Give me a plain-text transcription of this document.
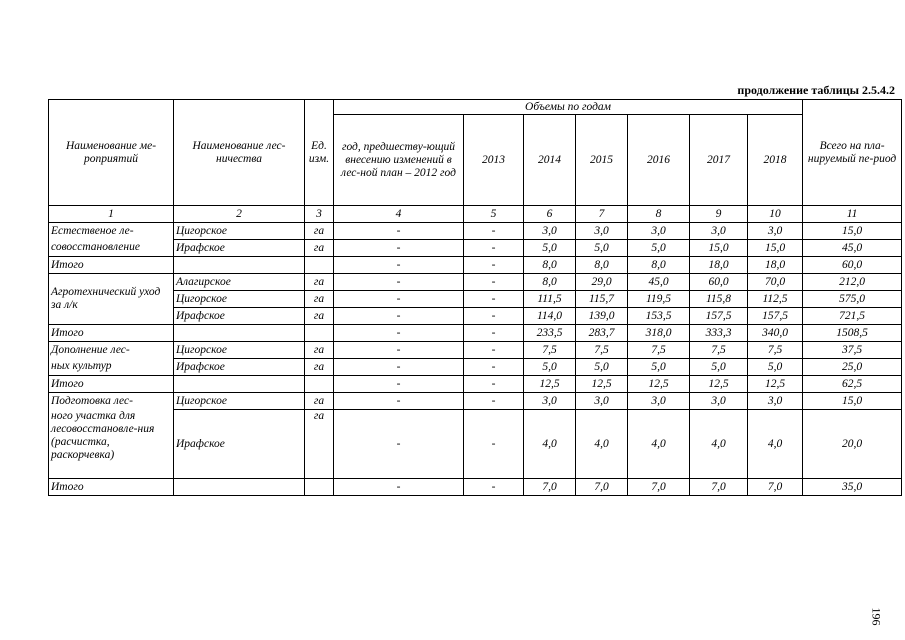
продолжение таблицы 2.5.4.2
Наименование ме-роприятий	Наименование лес-ничества	Ед. изм.	Объемы по годам							Всего на пла-нируемый пе-риод
			год, предшеству-ющий внесению изменений в лес-ной план – 2012 год	2013	2014	2015	2016	2017	2018	
1	2	3	4	5	6	7	8	9	10	11
Естественое ле-	Цигорское	га	-	-	3,0	3,0	3,0	3,0	3,0	15,0
совосстановление	Ирафское	га	-	-	5,0	5,0	5,0	15,0	15,0	45,0
Итого			-	-	8,0	8,0	8,0	18,0	18,0	60,0
Агротехнический уход за л/к	Алагирское	га	-	-	8,0	29,0	45,0	60,0	70,0	212,0
	Цигорское	га	-	-	111,5	115,7	119,5	115,8	112,5	575,0
	Ирафское	га	-	-	114,0	139,0	153,5	157,5	157,5	721,5
Итого			-	-	233,5	283,7	318,0	333,3	340,0	1508,5
Дополнение лес-	Цигорское	га	-	-	7,5	7,5	7,5	7,5	7,5	37,5
ных культур	Ирафское	га	-	-	5,0	5,0	5,0	5,0	5,0	25,0
Итого			-	-	12,5	12,5	12,5	12,5	12,5	62,5
Подготовка лес-	Цигорское	га	-	-	3,0	3,0	3,0	3,0	3,0	15,0
ного участка для лесовосстановле-ния (расчистка, раскорчевка)	Ирафское	га	-	-	4,0	4,0	4,0	4,0	4,0	20,0
Итого			-	-	7,0	7,0	7,0	7,0	7,0	35,0
196
